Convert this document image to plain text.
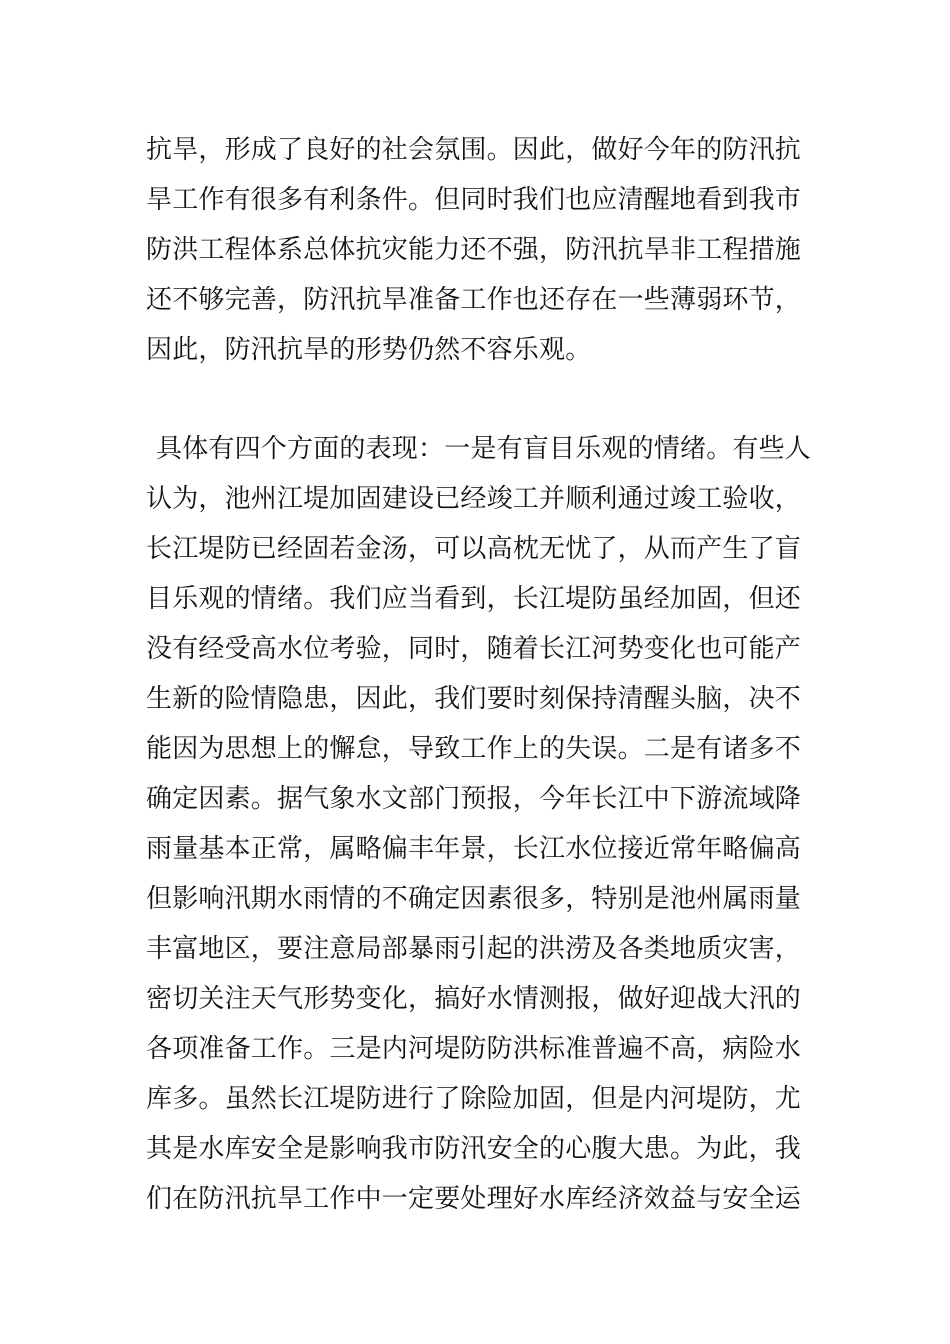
抗旱，形成了良好的社会氛围。因此，做好今年的防汛抗
旱工作有很多有利条件。但同时我们也应清醒地看到我市
防洪工程体系总体抗灾能力还不强，防汛抗旱非工程措施
还不够完善，防汛抗旱准备工作也还存在一些薄弱环节，
因此，防汛抗旱的形势仍然不容乐观。
具体有四个方面的表现：一是有盲目乐观的情绪。有些人
认为，池州江堤加固建设已经竣工并顺利通过竣工验收，
长江堤防已经固若金汤，可以高枕无忧了，从而产生了盲
目乐观的情绪。我们应当看到，长江堤防虽经加固，但还
没有经受高水位考验，同时，随着长江河势变化也可能产
生新的险情隐患，因此，我们要时刻保持清醒头脑，决不
能因为思想上的懈怠，导致工作上的失误。二是有诸多不
确定因素。据气象水文部门预报，今年长江中下游流域降
雨量基本正常，属略偏丰年景，长江水位接近常年略偏高
但影响汛期水雨情的不确定因素很多，特别是池州属雨量
丰富地区，要注意局部暴雨引起的洪涝及各类地质灾害，
密切关注天气形势变化，搞好水情测报，做好迎战大汛的
各项准备工作。三是内河堤防防洪标准普遍不高，病险水
库多。虽然长江堤防进行了除险加固，但是内河堤防，尤
其是水库安全是影响我市防汛安全的心腹大患。为此，我
们在防汛抗旱工作中一定要处理好水库经济效益与安全运
